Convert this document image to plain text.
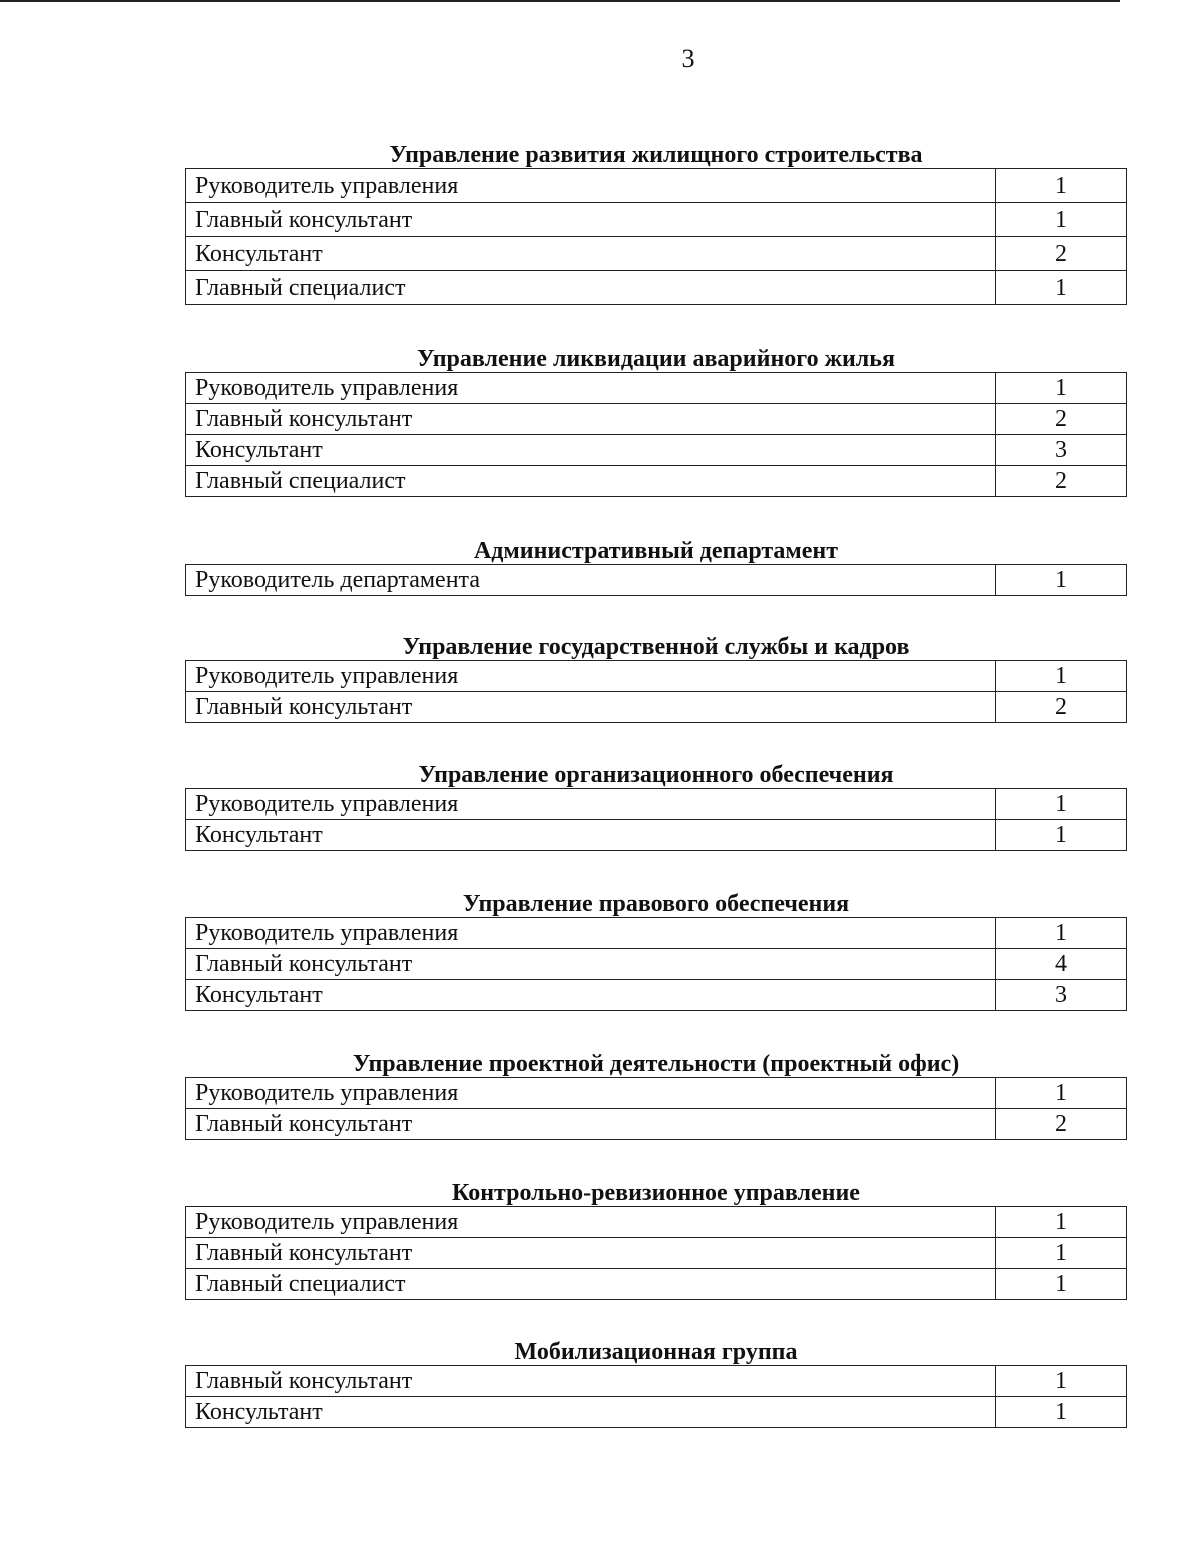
3
Управление развития жилищного строительства
Руководитель управления	1
Главный консультант	1
Консультант	2
Главный специалист	1
Управление ликвидации аварийного жилья
Руководитель управления	1
Главный консультант	2
Консультант	3
Главный специалист	2
Административный департамент
Руководитель департамента	1
Управление государственной службы и кадров
Руководитель управления	1
Главный консультант	2
Управление организационного обеспечения
Руководитель управления	1
Консультант	1
Управление правового обеспечения
Руководитель управления	1
Главный консультант	4
Консультант	3
Управление проектной деятельности (проектный офис)
Руководитель управления	1
Главный консультант	2
Контрольно-ревизионное управление
Руководитель управления	1
Главный консультант	1
Главный специалист	1
Мобилизационная группа
Главный консультант	1
Консультант	1
